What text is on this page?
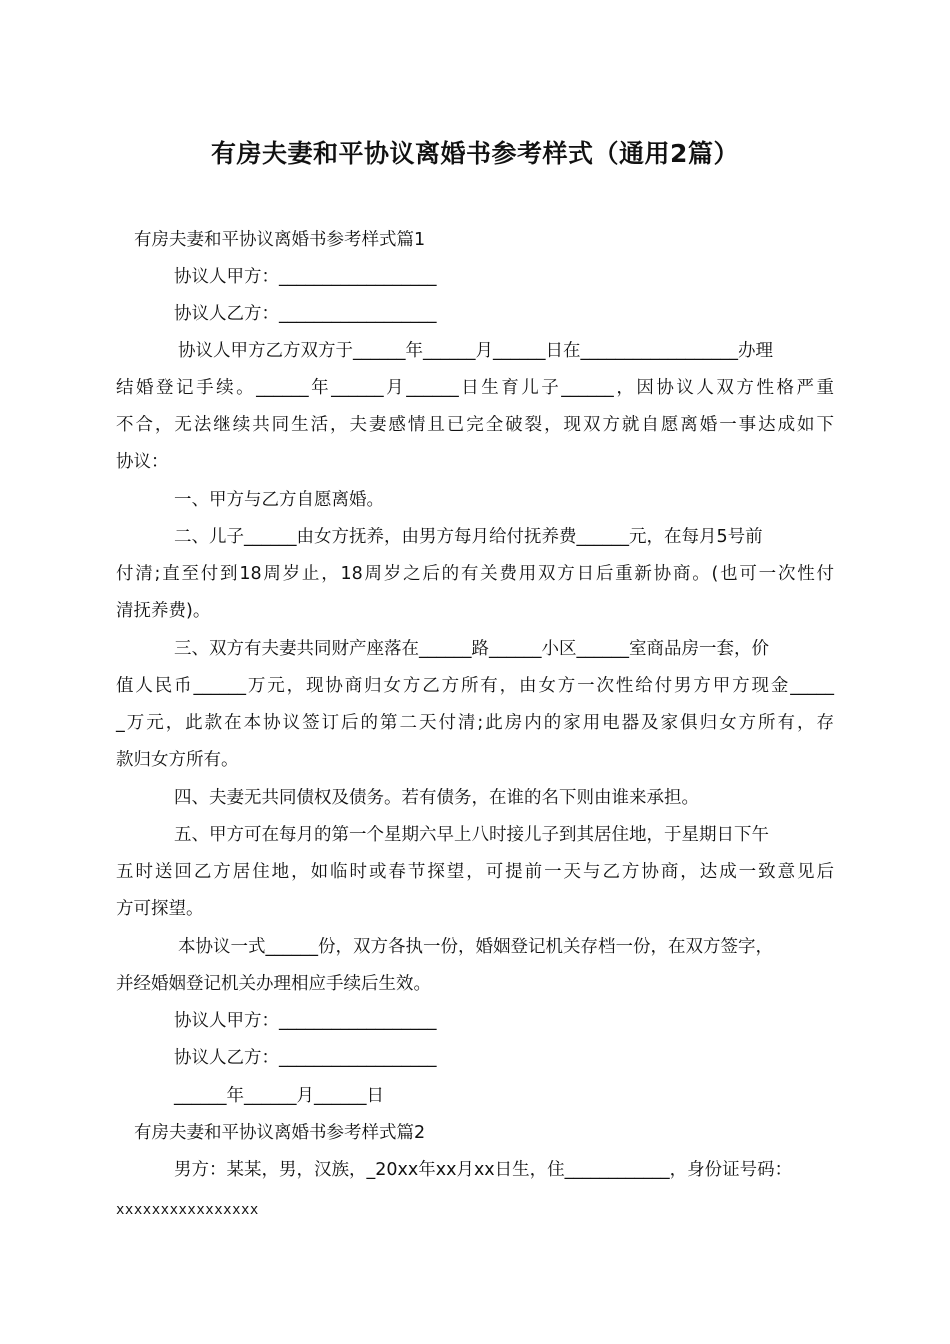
有房夫妻和平协议离婚书参考样式（通用2篇）
有房夫妻和平协议离婚书参考样式篇1
协议人甲方：__________________
协议人乙方：__________________
协议人甲方乙方双方于______年______月______日在__________________办理
结婚登记手续。______年______月______日生育儿子______，因协议人双方性格严重
不合，无法继续共同生活，夫妻感情且已完全破裂，现双方就自愿离婚一事达成如下
协议：
一、甲方与乙方自愿离婚。
二、儿子______由女方抚养，由男方每月给付抚养费______元，在每月5号前
付清;直至付到18周岁止，18周岁之后的有关费用双方日后重新协商。(也可一次性付
清抚养费)。
三、双方有夫妻共同财产座落在______路______小区______室商品房一套，价
值人民币______万元，现协商归女方乙方所有，由女方一次性给付男方甲方现金_____
_万元，此款在本协议签订后的第二天付清;此房内的家用电器及家俱归女方所有，存
款归女方所有。
四、夫妻无共同债权及债务。若有债务，在谁的名下则由谁来承担。
五、甲方可在每月的第一个星期六早上八时接儿子到其居住地，于星期日下午
五时送回乙方居住地，如临时或春节探望，可提前一天与乙方协商，达成一致意见后
方可探望。
本协议一式______份，双方各执一份，婚姻登记机关存档一份，在双方签字，
并经婚姻登记机关办理相应手续后生效。
协议人甲方：__________________
协议人乙方：__________________
______年______月______日
有房夫妻和平协议离婚书参考样式篇2
男方：某某，男，汉族，_20xx年xx月xx日生，住____________，身份证号码：
xxxxxxxxxxxxxxxx
